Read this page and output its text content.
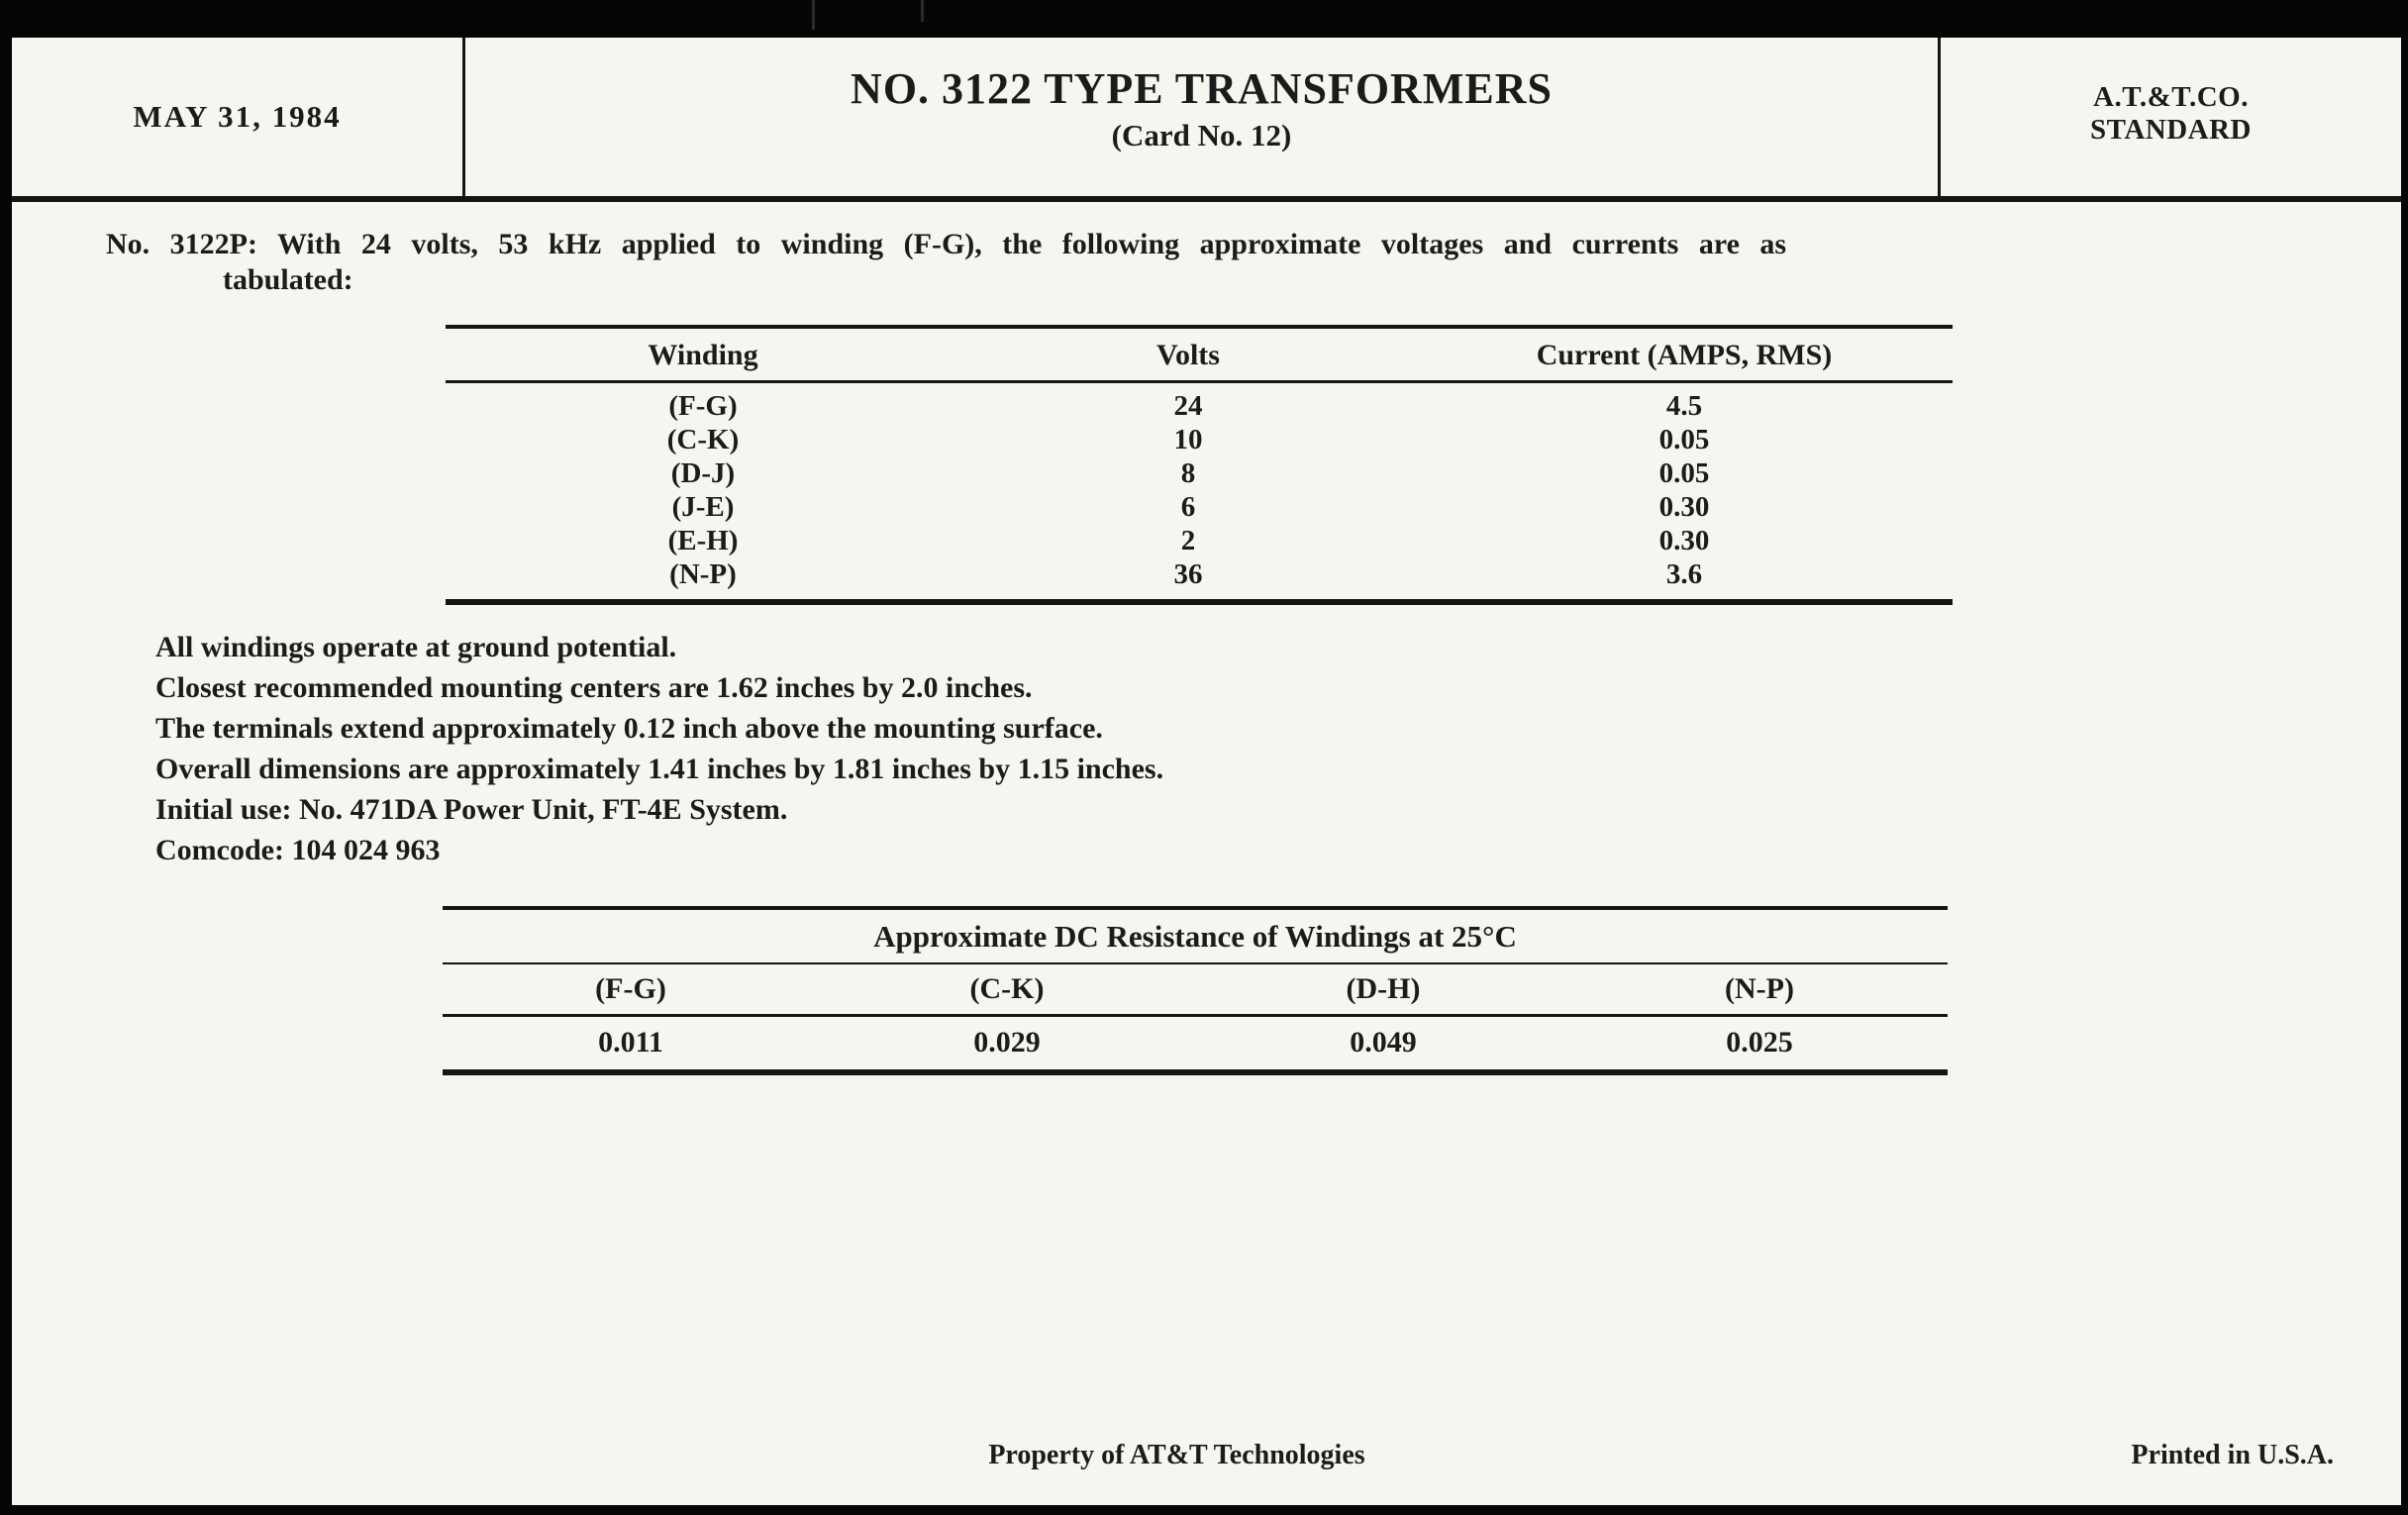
MAY 31, 1984
NO. 3122 TYPE TRANSFORMERS
(Card No. 12)
A.T.&T.CO.
STANDARD
No. 3122P: With 24 volts, 53 kHz applied to winding (F-G), the following approximate voltages and currents are as
tabulated:
Winding	Volts	Current (AMPS, RMS)
(F-G)	24	4.5
(C-K)	10	0.05
(D-J)	8	0.05
(J-E)	6	0.30
(E-H)	2	0.30
(N-P)	36	3.6
All windings operate at ground potential.
Closest recommended mounting centers are 1.62 inches by 2.0 inches.
The terminals extend approximately 0.12 inch above the mounting surface.
Overall dimensions are approximately 1.41 inches by 1.81 inches by 1.15 inches.
Initial use: No. 471DA Power Unit, FT-4E System.
Comcode: 104 024 963
Approximate DC Resistance of Windings at 25°C			
(F-G)	(C-K)	(D-H)	(N-P)
0.011	0.029	0.049	0.025
Property of AT&T Technologies	Printed in U.S.A.
